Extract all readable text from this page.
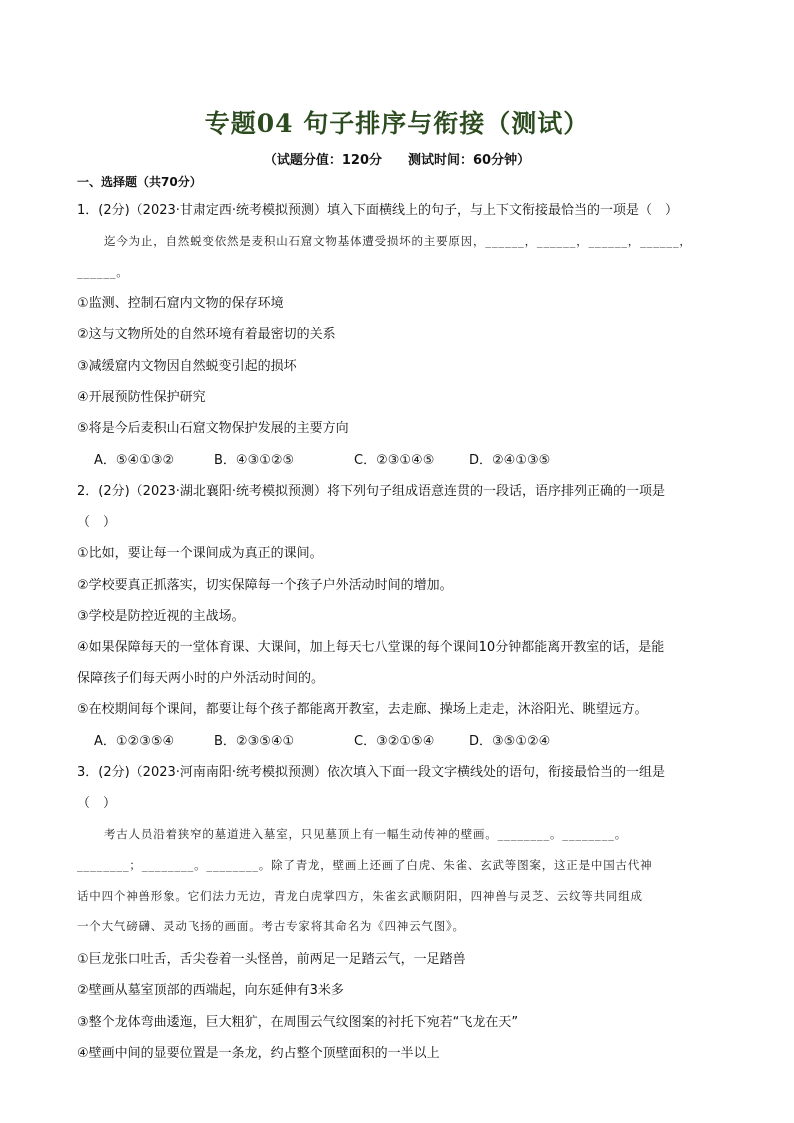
专题04 句子排序与衔接（测试）
（试题分值：120分 测试时间：60分钟）
一、选择题（共70分）
1．(2分)（2023·甘肃定西·统考模拟预测）填入下面横线上的句子，与上下文衔接最恰当的一项是（　）
迄今为止，自然蜕变依然是麦积山石窟文物基体遭受损坏的主要原因，______，______，______，______，
______。
①监测、控制石窟内文物的保存环境
②这与文物所处的自然环境有着最密切的关系
③减缓窟内文物因自然蜕变引起的损坏
④开展预防性保护研究
⑤将是今后麦积山石窟文物保护发展的主要方向
A．⑤④①③②	B．④③①②⑤	C．②③①④⑤	D．②④①③⑤
2．(2分)（2023·湖北襄阳·统考模拟预测）将下列句子组成语意连贯的一段话，语序排列正确的一项是
（　）
①比如，要让每一个课间成为真正的课间。
②学校要真正抓落实，切实保障每一个孩子户外活动时间的增加。
③学校是防控近视的主战场。
④如果保障每天的一堂体育课、大课间，加上每天七八堂课的每个课间10分钟都能离开教室的话，是能
保障孩子们每天两小时的户外活动时间的。
⑤在校期间每个课间，都要让每个孩子都能离开教室，去走廊、操场上走走，沐浴阳光、眺望远方。
A．①②③⑤④	B．②③⑤④①	C．③②①⑤④	D．③⑤①②④
3．(2分)（2023·河南南阳·统考模拟预测）依次填入下面一段文字横线处的语句，衔接最恰当的一组是
（　）
考古人员沿着狭窄的墓道进入墓室，只见墓顶上有一幅生动传神的壁画。________。________。
________；________。________。除了青龙，壁画上还画了白虎、朱雀、玄武等图案，这正是中国古代神
话中四个神兽形象。它们法力无边，青龙白虎掌四方，朱雀玄武顺阴阳，四神兽与灵芝、云纹等共同组成
一个大气磅礴、灵动飞扬的画面。考古专家将其命名为《四神云气图》。
①巨龙张口吐舌，舌尖卷着一头怪兽，前两足一足踏云气，一足踏兽
②壁画从墓室顶部的西端起，向东延伸有3米多
③整个龙体弯曲逶迤，巨大粗犷，在周围云气纹图案的衬托下宛若“飞龙在天”
④壁画中间的显要位置是一条龙，约占整个顶壁面积的一半以上
